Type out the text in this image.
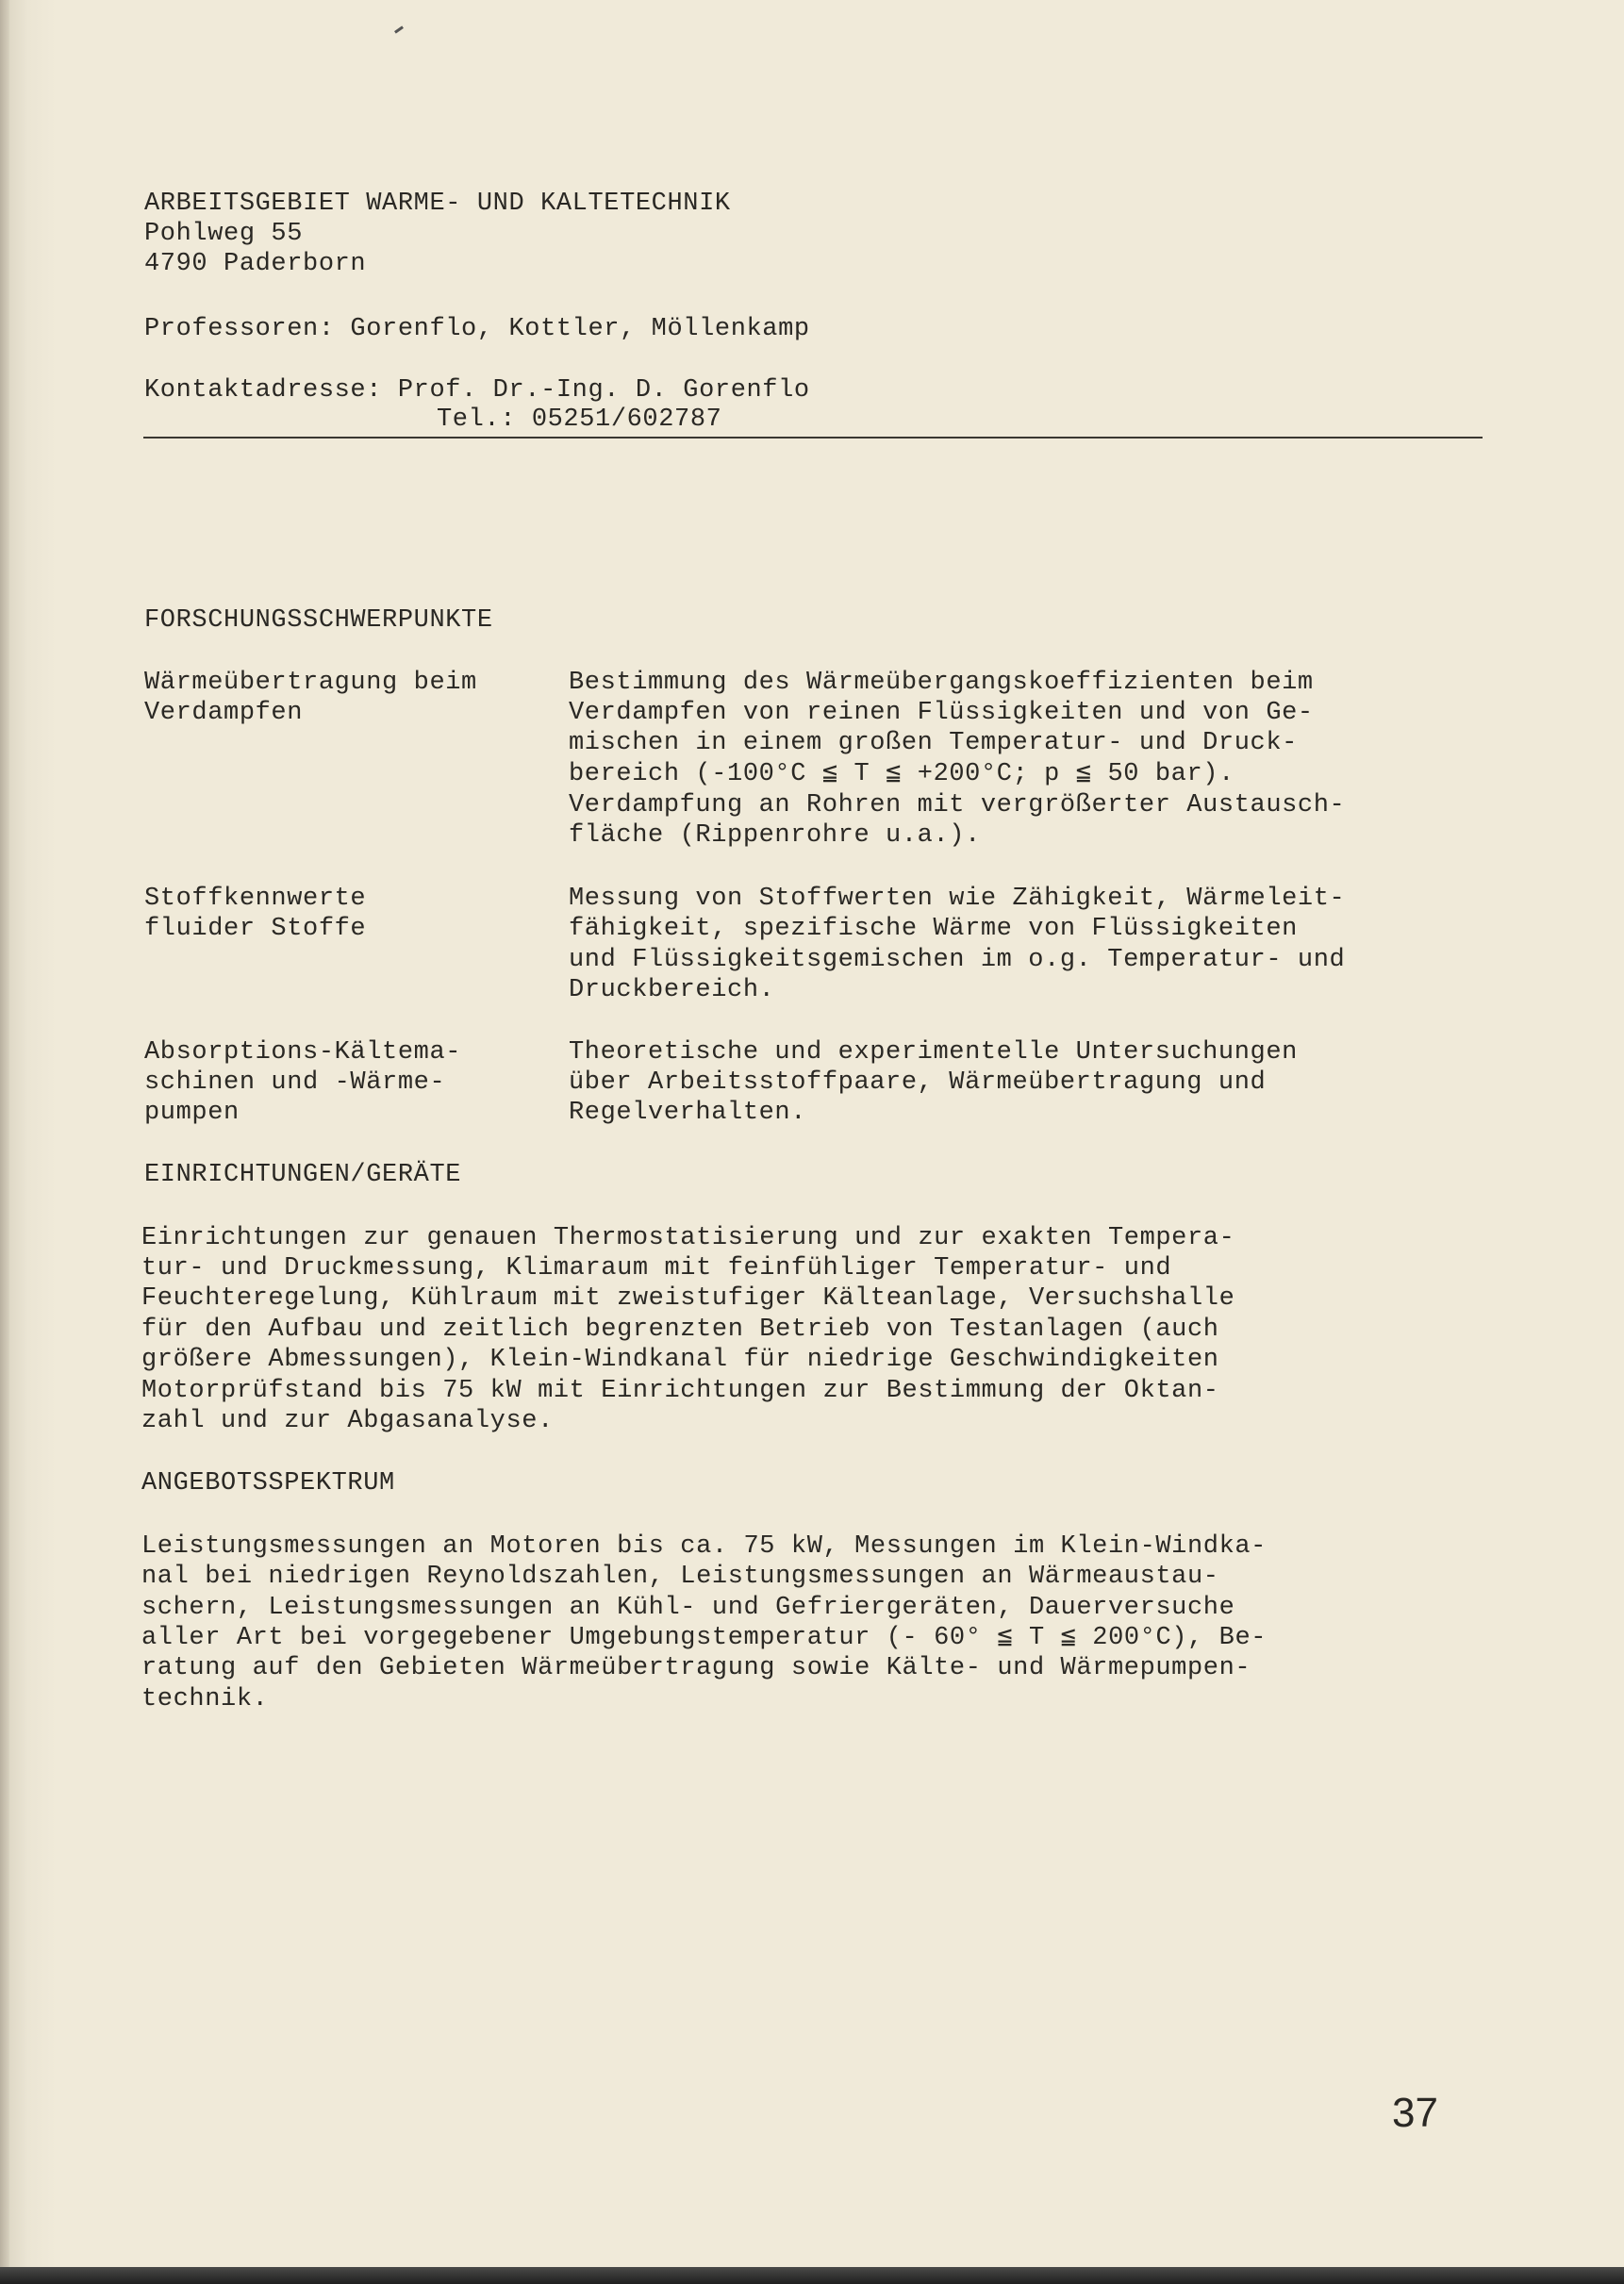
ARBEITSGEBIET WARME- UND KALTETECHNIK
Pohlweg 55
4790 Paderborn
Professoren: Gorenflo, Kottler, Möllenkamp
Kontaktadresse: Prof. Dr.-Ing. D. Gorenflo
Tel.: 05251/602787
FORSCHUNGSSCHWERPUNKTE
Wärmeübertragung beim
Verdampfen
Bestimmung des Wärmeübergangskoeffizienten beim
Verdampfen von reinen Flüssigkeiten und von Ge-
mischen in einem großen Temperatur- und Druck-
bereich (-100°C ≦ T ≦ +200°C; p ≦ 50 bar).
Verdampfung an Rohren mit vergrößerter Austausch-
fläche (Rippenrohre u.a.).
Stoffkennwerte
fluider Stoffe
Messung von Stoffwerten wie Zähigkeit, Wärmeleit-
fähigkeit, spezifische Wärme von Flüssigkeiten
und Flüssigkeitsgemischen im o.g. Temperatur- und
Druckbereich.
Absorptions-Kältema-
schinen und -Wärme-
pumpen
Theoretische und experimentelle Untersuchungen
über Arbeitsstoffpaare, Wärmeübertragung und
Regelverhalten.
EINRICHTUNGEN/GERÄTE
Einrichtungen zur genauen Thermostatisierung und zur exakten Tempera-
tur- und Druckmessung, Klimaraum mit feinfühliger Temperatur- und
Feuchteregelung, Kühlraum mit zweistufiger Kälteanlage, Versuchshalle
für den Aufbau und zeitlich begrenzten Betrieb von Testanlagen (auch
größere Abmessungen), Klein-Windkanal für niedrige Geschwindigkeiten
Motorprüfstand bis 75 kW mit Einrichtungen zur Bestimmung der Oktan-
zahl und zur Abgasanalyse.
ANGEBOTSSPEKTRUM
Leistungsmessungen an Motoren bis ca. 75 kW, Messungen im Klein-Windka-
nal bei niedrigen Reynoldszahlen, Leistungsmessungen an Wärmeaustau-
schern, Leistungsmessungen an Kühl- und Gefriergeräten, Dauerversuche
aller Art bei vorgegebener Umgebungstemperatur (- 60° ≦ T ≦ 200°C), Be-
ratung auf den Gebieten Wärmeübertragung sowie Kälte- und Wärmepumpen-
technik.
37
